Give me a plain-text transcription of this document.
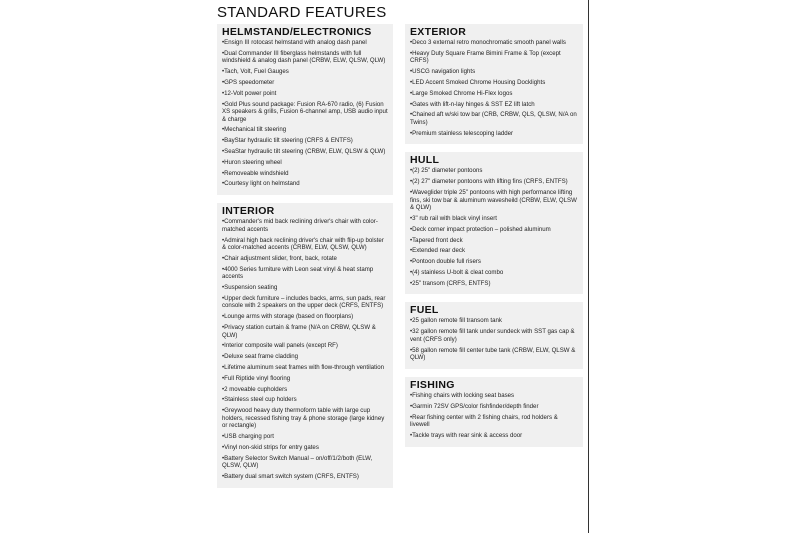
STANDARD FEATURES
HELMSTAND/ELECTRONICS
• Ensign III rotocast helmstand with analog dash panel
• Dual Commander III fiberglass helmstands with full windshield & analog dash panel (CRBW, ELW, QLSW, QLW)
• Tach, Volt, Fuel Gauges
• GPS speedometer
• 12-Volt power point
• Gold Plus sound package: Fusion RA-670 radio, (6) Fusion XS speakers & grills, Fusion 6-channel amp, USB audio input & charge
• Mechanical tilt steering
• BayStar hydraulic tilt steering (CRFS & ENTFS)
• SeaStar hydraulic tilt steering (CRBW, ELW, QLSW & QLW)
• Huron steering wheel
• Removeable windshield
• Courtesy light on helmstand
INTERIOR
• Commander's mid back reclining driver's chair with color-matched accents
• Admiral high back reclining driver's chair with flip-up bolster & color-matched accents (CRBW, ELW, QLSW, QLW)
• Chair adjustment slider, front, back, rotate
• 4000 Series furniture with Leon seat vinyl & heat stamp accents
• Suspension seating
• Upper deck furniture – includes backs, arms, sun pads, rear console with 2 speakers on the upper deck (CRFS, ENTFS)
• Lounge arms with storage (based on floorplans)
• Privacy station curtain & frame (N/A on CRBW, QLSW & QLW)
• Interior composite wall panels (except RF)
• Deluxe seat frame cladding
• Lifetime aluminum seat frames with flow-through ventilation
• Full Riptide vinyl flooring
• 2 moveable cupholders
• Stainless steel cup holders
• Greywood heavy duty thermoform table with large cup holders, recessed fishing tray & phone storage (large kidney or rectangle)
• USB charging port
• Vinyl non-skid strips for entry gates
• Battery Selector Switch Manual – on/off/1/2/both (ELW, QLSW, QLW)
• Battery dual smart switch system (CRFS, ENTFS)
EXTERIOR
• Deco 3 external retro monochromatic smooth panel walls
• Heavy Duty Square Frame Bimini Frame & Top (except CRFS)
• USCG navigation lights
• LED Accent Smoked Chrome Housing Docklights
• Large Smoked Chrome Hi-Flex logos
• Gates with lift-n-lay hinges & SST EZ lift latch
• Chained aft w/ski tow bar (CRB, CRBW, QLS, QLSW, N/A on Twins)
• Premium stainless telescoping ladder
HULL
• (2) 25" diameter pontoons
• (2) 27" diameter pontoons with lifting fins (CRFS, ENTFS)
• Waveglider triple 25" pontoons with high performance lifting fins, ski tow bar & aluminum wavesheild (CRBW, ELW, QLSW & QLW)
• 3" rub rail with black vinyl insert
• Deck corner impact protection – polished aluminum
• Tapered front deck
• Extended rear deck
• Pontoon double full risers
• (4) stainless U-bolt & cleat combo
• 25" transom (CRFS, ENTFS)
FUEL
• 25 gallon remote fill transom tank
• 32 gallon remote fill tank under sundeck with SST gas cap & vent (CRFS only)
• 58 gallon remote fill center tube tank (CRBW, ELW, QLSW & QLW)
FISHING
• Fishing chairs with locking seat bases
• Garmin 72SV GPS/color fishfinder/depth finder
• Rear fishing center with 2 fishing chairs, rod holders & livewell
• Tackle trays with rear sink & access door
